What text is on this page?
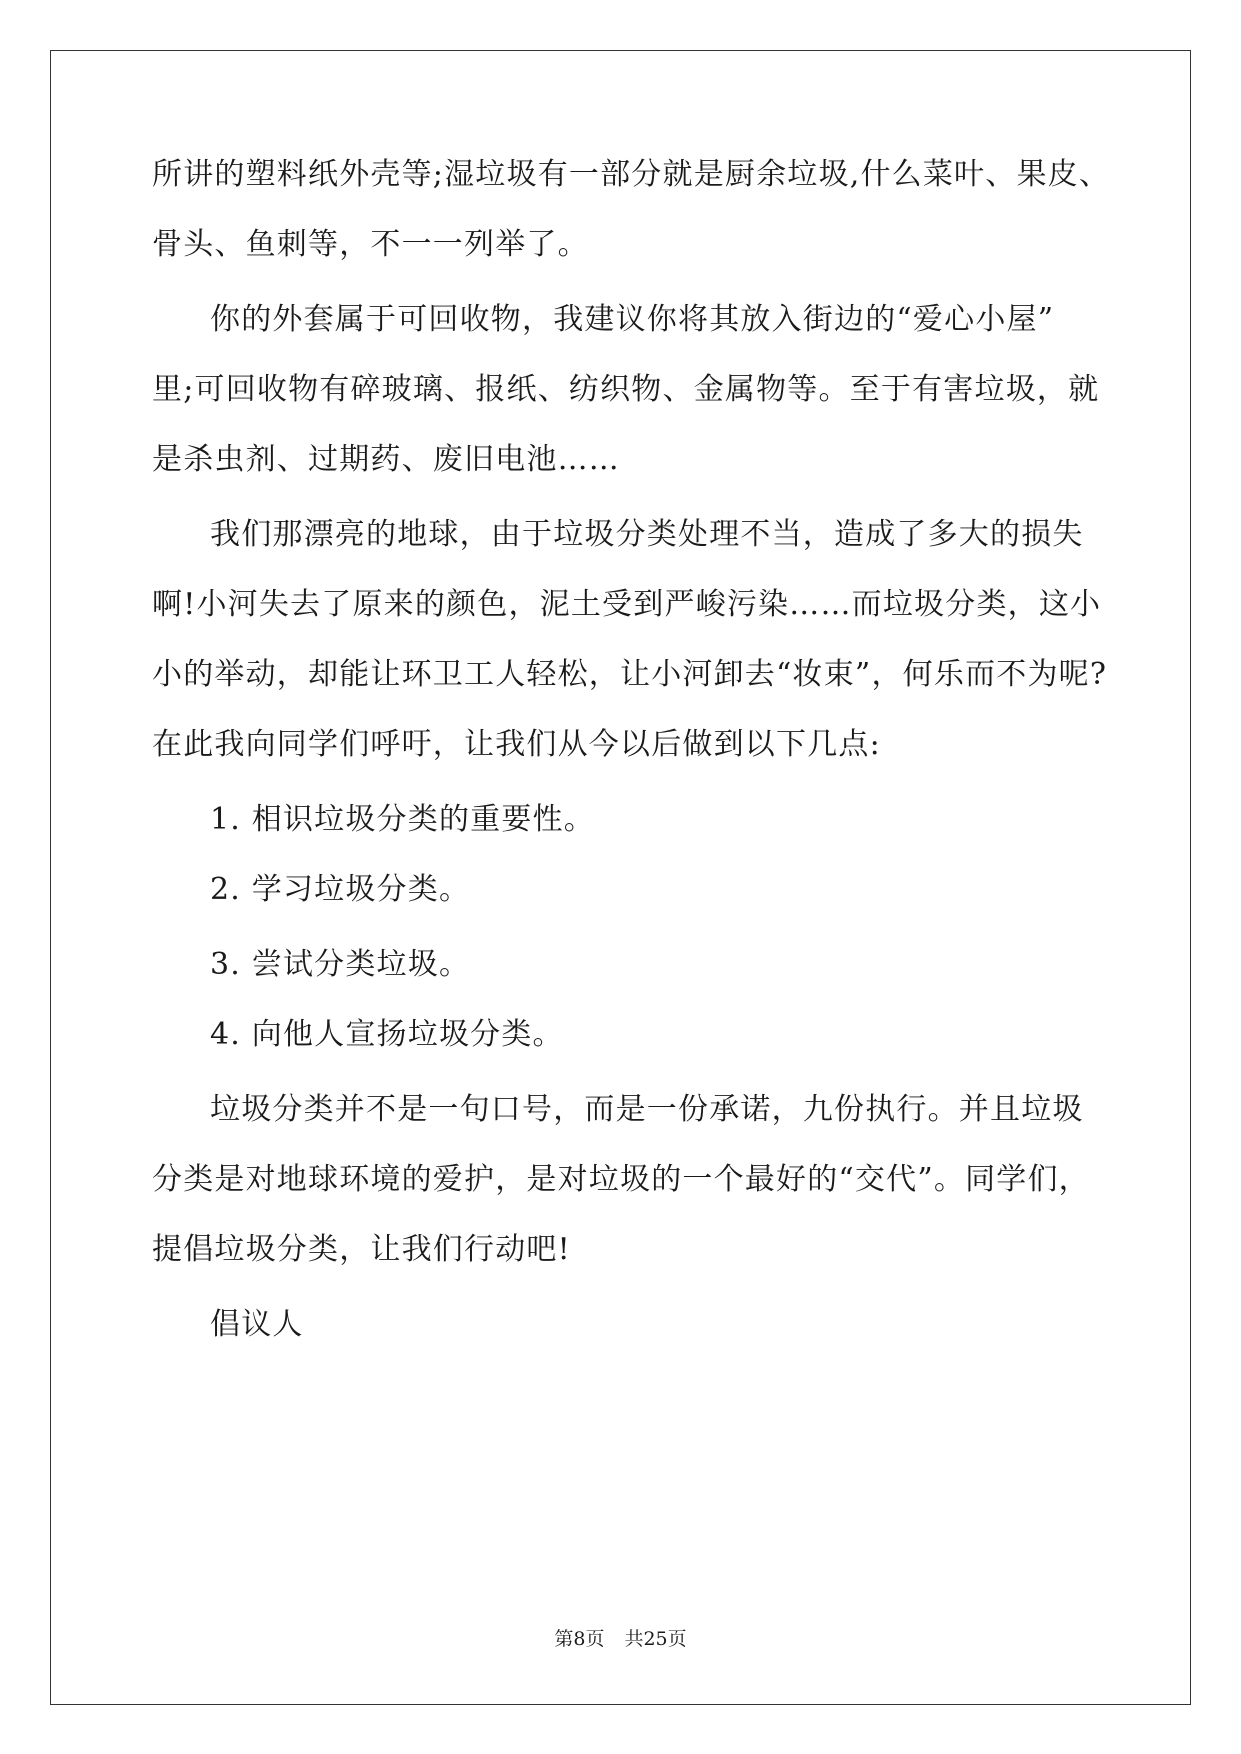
所讲的塑料纸外壳等;湿垃圾有一部分就是厨余垃圾,什么菜叶、果皮、

骨头、鱼刺等，不一一列举了。

你的外套属于可回收物，我建议你将其放入街边的“爱心小屋”

里;可回收物有碎玻璃、报纸、纺织物、金属物等。至于有害垃圾，就

是杀虫剂、过期药、废旧电池……

我们那漂亮的地球，由于垃圾分类处理不当，造成了多大的损失

啊!小河失去了原来的颜色，泥土受到严峻污染……而垃圾分类，这小

小的举动，却能让环卫工人轻松，让小河卸去“妆束”，何乐而不为呢?

在此我向同学们呼吁，让我们从今以后做到以下几点:

1. 相识垃圾分类的重要性。

2. 学习垃圾分类。

3. 尝试分类垃圾。

4. 向他人宣扬垃圾分类。

垃圾分类并不是一句口号，而是一份承诺，九份执行。并且垃圾

分类是对地球环境的爱护，是对垃圾的一个最好的“交代”。同学们，

提倡垃圾分类，让我们行动吧!

倡议人

第8页 共25页
